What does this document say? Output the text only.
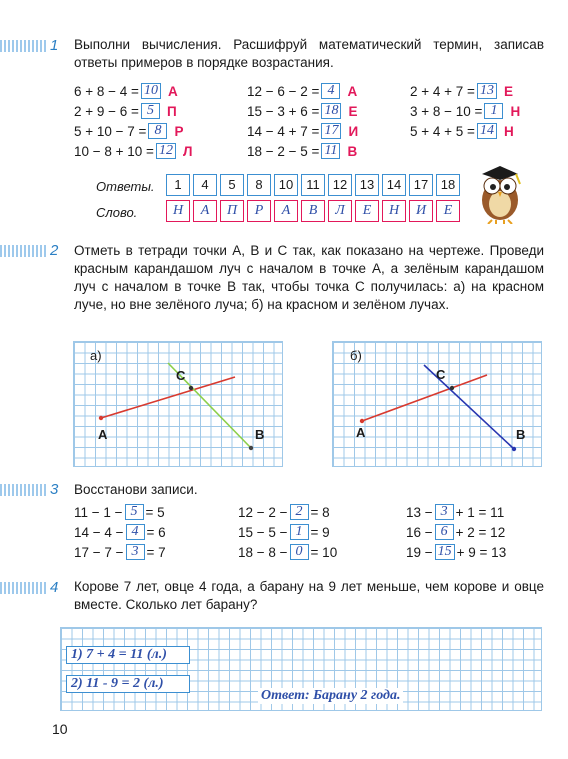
1 Выполни вычисления. Расшифруй математический термин, записав ответы примеров в порядке возрастания.
6 + 8 − 4 = 10 А
2 + 9 − 6 = 5 П
5 + 10 − 7 = 8 Р
10 − 8 + 10 = 12 Л
12 − 6 − 2 = 4 А
15 − 3 + 6 = 18 Е
14 − 4 + 7 = 17 И
18 − 2 − 5 = 11 В
2 + 4 + 7 = 13 Е
3 + 8 − 10 = 1 Н
5 + 4 + 5 = 14 Н
Ответы.	1	4	5	8	10	11	12 13 14 17 18
Слово.	Н	А	П	Р	А	В	Л	Е	Н	И	Е
2 Отметь в тетради точки А, В и С так, как показано на чертеже. Проведи красным карандашом луч с началом в точке А, а зелёным карандашом луч с началом в точке В так, чтобы точка С получилась: а) на красном луче, но вне зелёного луча; б) на красном и зелёном лучах.
а)
А	В
С
б)
А	В
С
3 Восстанови записи.
11 − 1 − 5 = 5
14 − 4 − 4 = 6
17 − 7 − 3 = 7
12 − 2 − 2 = 8
15 − 5 − 1 = 9
18 − 8 − 0 = 10
13 − 3 + 1 = 11
16 − 6 + 2 = 12
19 − 15 + 9 = 13
4 Корове 7 лет, овце 4 года, а барану на 9 лет меньше, чем корове и овце вместе. Сколько лет барану?
1) 7 + 4 = 11 (л.)
2) 11 - 9 = 2 (л.)
Ответ: Барану 2 года.
10
